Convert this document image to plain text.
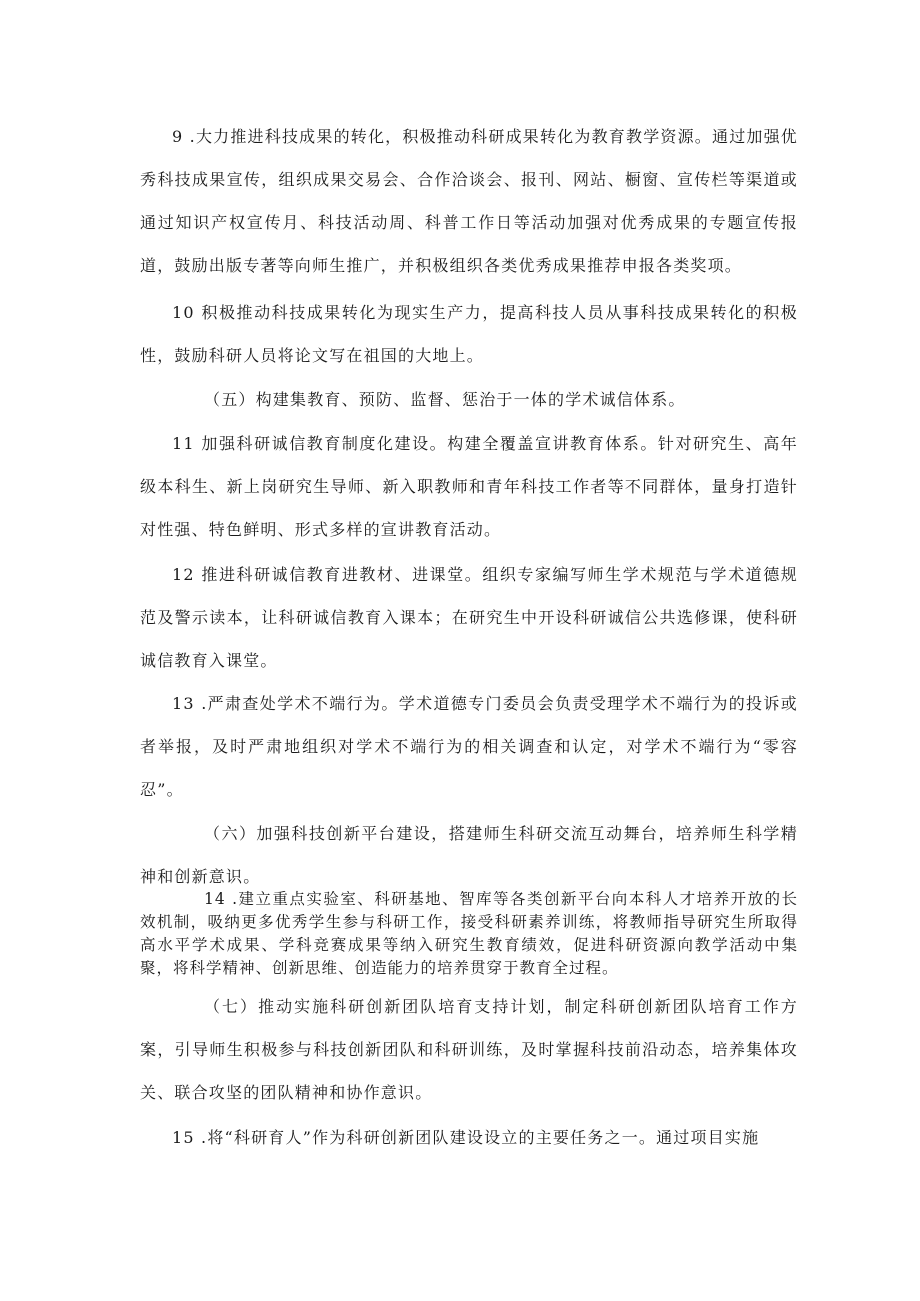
9 .大力推进科技成果的转化，积极推动科研成果转化为教育教学资源。通过加强优秀科技成果宣传，组织成果交易会、合作洽谈会、报刊、网站、橱窗、宣传栏等渠道或通过知识产权宣传月、科技活动周、科普工作日等活动加强对优秀成果的专题宣传报道，鼓励出版专著等向师生推广，并积极组织各类优秀成果推荐申报各类奖项。

10 积极推动科技成果转化为现实生产力，提高科技人员从事科技成果转化的积极性，鼓励科研人员将论文写在祖国的大地上。

（五）构建集教育、预防、监督、惩治于一体的学术诚信体系。

11 加强科研诚信教育制度化建设。构建全覆盖宣讲教育体系。针对研究生、高年级本科生、新上岗研究生导师、新入职教师和青年科技工作者等不同群体，量身打造针对性强、特色鲜明、形式多样的宣讲教育活动。

12 推进科研诚信教育进教材、进课堂。组织专家编写师生学术规范与学术道德规范及警示读本，让科研诚信教育入课本；在研究生中开设科研诚信公共选修课，使科研诚信教育入课堂。

13 .严肃查处学术不端行为。学术道德专门委员会负责受理学术不端行为的投诉或者举报，及时严肃地组织对学术不端行为的相关调查和认定，对学术不端行为“零容忍”。

（六）加强科技创新平台建设，搭建师生科研交流互动舞台，培养师生科学精神和创新意识。

14 .建立重点实验室、科研基地、智库等各类创新平台向本科人才培养开放的长效机制，吸纳更多优秀学生参与科研工作，接受科研素养训练，将教师指导研究生所取得高水平学术成果、学科竞赛成果等纳入研究生教育绩效，促进科研资源向教学活动中集聚，将科学精神、创新思维、创造能力的培养贯穿于教育全过程。

（七）推动实施科研创新团队培育支持计划，制定科研创新团队培育工作方案，引导师生积极参与科技创新团队和科研训练，及时掌握科技前沿动态，培养集体攻关、联合攻坚的团队精神和协作意识。

15 .将“科研育人”作为科研创新团队建设设立的主要任务之一。通过项目实施
